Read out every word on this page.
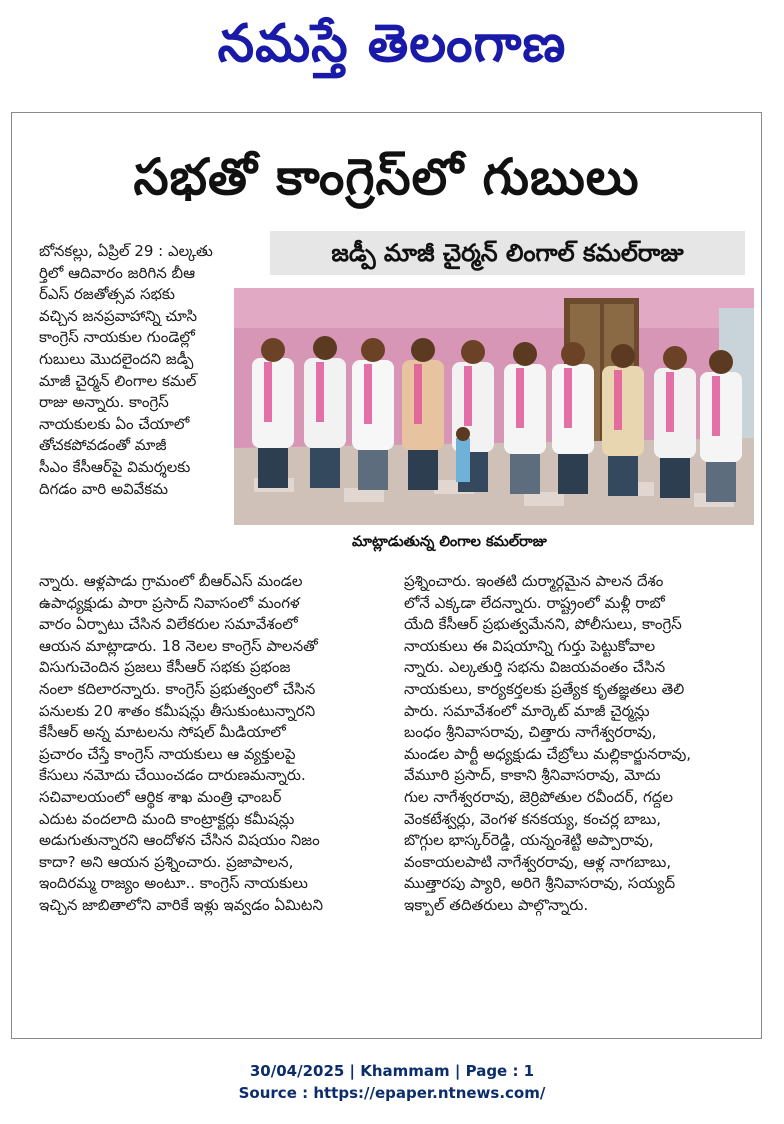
నమస్తే తెలంగాణ
సభతో కాంగ్రెస్‌లో గుబులు
జడ్పీ మాజీ చైర్మన్ లింగాల్ కమల్‌రాజు
మాట్లాడుతున్న లింగాల కమల్‌రాజు

బోనకల్లు, ఏప్రిల్ 29 : ఎల్కతు

ర్తిలో ఆదివారం జరిగిన బీఆ

ర్‌ఎస్ రజతోత్సవ సభకు

వచ్చిన జనప్రవాహాన్ని చూసి

కాంగ్రెస్ నాయకుల గుండెల్లో

గుబులు మొదలైందని జడ్పీ

మాజీ చైర్మన్ లింగాల కమల్

రాజు అన్నారు. కాంగ్రెస్

నాయకులకు ఏం చేయాలో

తోచకపోవడంతో మాజీ

సీఎం కేసీఆర్‌పై విమర్శలకు

దిగడం వారి అవివేకమ

న్నారు. ఆళ్లపాడు గ్రామంలో బీఆర్ఎస్ మండల

ఉపాధ్యక్షుడు పారా ప్రసాద్ నివాసంలో మంగళ

వారం ఏర్పాటు చేసిన విలేకరుల సమావేశంలో

ఆయన మాట్లాడారు. 18 నెలల కాంగ్రెస్ పాలనతో

విసుగుచెందిన ప్రజలు కేసీఆర్ సభకు ప్రభంజ

నంలా కదిలారన్నారు. కాంగ్రెస్ ప్రభుత్వంలో చేసిన

పనులకు 20 శాతం కమీషన్లు తీసుకుంటున్నారని

కేసీఆర్ అన్న మాటలను సోషల్ మీడియాలో

ప్రచారం చేస్తే కాంగ్రెస్ నాయకులు ఆ వ్యక్తులపై

కేసులు నమోదు చేయించడం దారుణమన్నారు.

సచివాలయంలో ఆర్థిక శాఖ మంత్రి ఛాంబర్

ఎదుట వందలాది మంది కాంట్రాక్టర్లు కమీషన్లు

అడుగుతున్నారని ఆందోళన చేసిన విషయం నిజం

కాదా? అని ఆయన ప్రశ్నించారు. ప్రజాపాలన,

ఇందిరమ్మ రాజ్యం అంటూ.. కాంగ్రెస్ నాయకులు

ఇచ్చిన జాబితాలోని వారికే ఇళ్లు ఇవ్వడం ఏమిటని

ప్రశ్నించారు. ఇంతటి దుర్మార్గమైన పాలన దేశం

లోనే ఎక్కడా లేదన్నారు. రాష్ట్రంలో మళ్లీ రాబో

యేది కేసీఆర్ ప్రభుత్వమేనని, పోలీసులు, కాంగ్రెస్

నాయకులు ఈ విషయాన్ని గుర్తు పెట్టుకోవాల

న్నారు. ఎల్కతుర్తి సభను విజయవంతం చేసిన

నాయకులు, కార్యకర్తలకు ప్రత్యేక కృతజ్ఞతలు తెలి

పారు. సమావేశంలో మార్కెట్ మాజీ చైర్మన్లు

బంధం శ్రీనివాసరావు, చిత్తారు నాగేశ్వరరావు,

మండల పార్టీ అధ్యక్షుడు చేబ్రోలు మల్లికార్జునరావు,

వేమూరి ప్రసాద్, కాకాని శ్రీనివాసరావు, మోదు

గుల నాగేశ్వరరావు, జెర్రిపోతుల రవీందర్, గద్దల

వెంకటేశ్వర్లు, వెంగళ కనకయ్య, కంచర్ల బాబు,

బొగ్గుల భాస్కర్‌రెడ్డి, యన్నంశెట్టి అప్పారావు,

వంకాయలపాటి నాగేశ్వరరావు, ఆళ్ల నాగబాబు,

ముత్తారపు ప్యారి, అరిగె శ్రీనివాసరావు, సయ్యద్

ఇక్బాల్ తదితరులు పాల్గొన్నారు.

30/04/2025 | Khammam | Page : 1
Source : https://epaper.ntnews.com/
